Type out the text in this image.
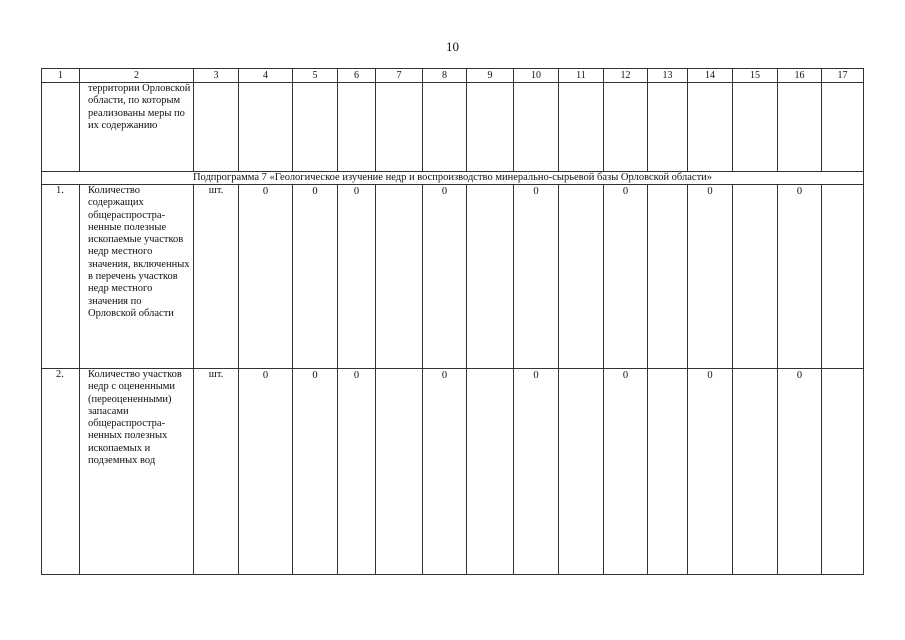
10
1	2	3	4	5	6	7	8	9	10	11	12	13	14	15	16	17
	территории Орловской области, по которым реализованы меры по их содержанию															
Подпрограмма 7 «Геологическое изучение недр и воспроизводство минерально-сырьевой базы Орловской области»																
1.	Количество содержащих общераспростра-ненные полезные ископаемые участков недр местного значения, включенных в перечень участков недр местного значения по Орловской области	шт.	0	0	0		0		0		0		0		0	
2.	Количество участков недр с оцененными (переоцененными) запасами общераспростра-ненных полезных ископаемых и подземных вод	шт.	0	0	0		0		0		0		0		0	
